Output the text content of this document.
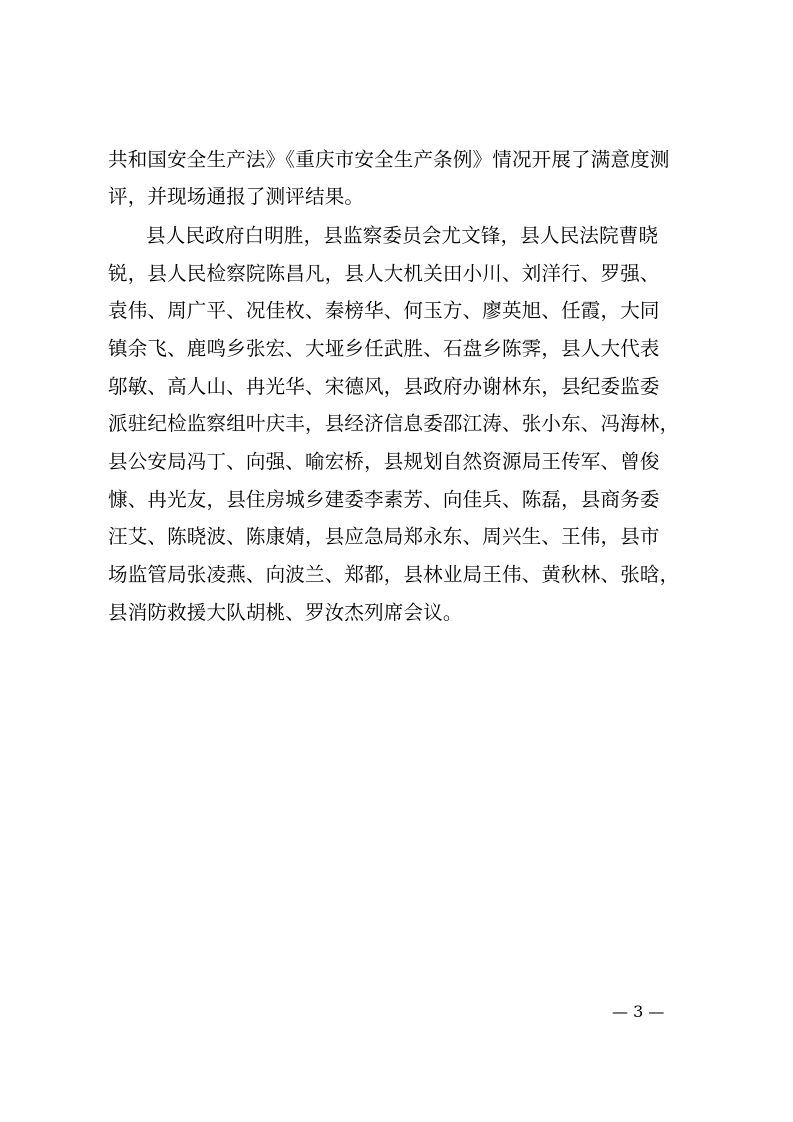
共和国安全生产法》《重庆市安全生产条例》情况开展了满意度测
评，并现场通报了测评结果。
县人民政府白明胜，县监察委员会尤文锋，县人民法院曹晓
锐，县人民检察院陈昌凡，县人大机关田小川、刘洋行、罗强、
袁伟、周广平、况佳枚、秦榜华、何玉方、廖英旭、任霞，大同
镇余飞、鹿鸣乡张宏、大垭乡任武胜、石盘乡陈霁，县人大代表
邬敏、高人山、冉光华、宋德风，县政府办谢林东，县纪委监委
派驻纪检监察组叶庆丰，县经济信息委邵江涛、张小东、冯海林，
县公安局冯丁、向强、喻宏桥，县规划自然资源局王传军、曾俊
慷、冉光友，县住房城乡建委李素芳、向佳兵、陈磊，县商务委
汪艾、陈晓波、陈康婧，县应急局郑永东、周兴生、王伟，县市
场监管局张凌燕、向波兰、郑都，县林业局王伟、黄秋林、张晗，
县消防救援大队胡桃、罗汝杰列席会议。
— 3 —
